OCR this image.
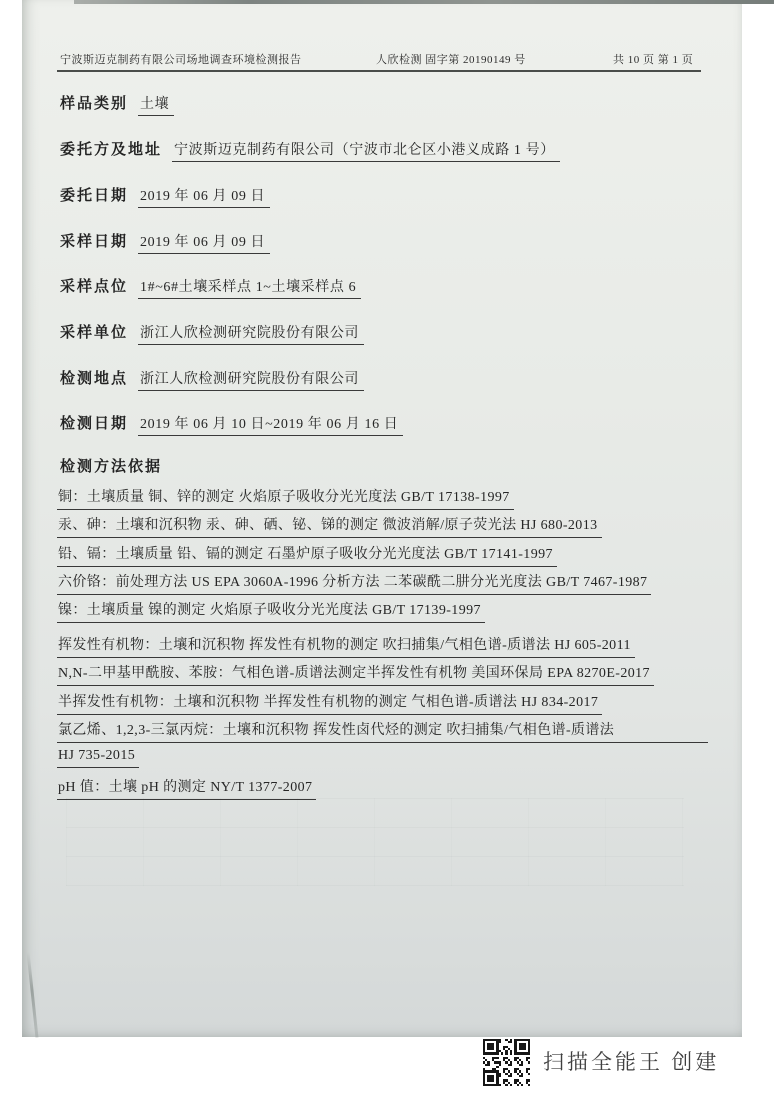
宁波斯迈克制药有限公司场地调查环境检测报告	人欣检测 固字第 20190149 号	共 10 页 第 1 页
样品类别 土壤
委托方及地址 宁波斯迈克制药有限公司（宁波市北仑区小港义成路 1 号）
委托日期 2019 年 06 月 09 日
采样日期 2019 年 06 月 09 日
采样点位 1#~6#土壤采样点 1~土壤采样点 6
采样单位 浙江人欣检测研究院股份有限公司
检测地点 浙江人欣检测研究院股份有限公司
检测日期 2019 年 06 月 10 日~2019 年 06 月 16 日
检测方法依据
铜：土壤质量 铜、锌的测定 火焰原子吸收分光光度法 GB/T 17138-1997
汞、砷：土壤和沉积物 汞、砷、硒、铋、锑的测定 微波消解/原子荧光法 HJ 680-2013
铅、镉：土壤质量 铅、镉的测定 石墨炉原子吸收分光光度法 GB/T 17141-1997
六价铬：前处理方法 US EPA 3060A-1996 分析方法 二苯碳酰二肼分光光度法 GB/T 7467-1987
镍：土壤质量 镍的测定 火焰原子吸收分光光度法 GB/T 17139-1997
挥发性有机物：土壤和沉积物 挥发性有机物的测定 吹扫捕集/气相色谱-质谱法 HJ 605-2011
N,N-二甲基甲酰胺、苯胺：气相色谱-质谱法测定半挥发性有机物 美国环保局 EPA 8270E-2017
半挥发性有机物：土壤和沉积物 半挥发性有机物的测定 气相色谱-质谱法 HJ 834-2017
氯乙烯、1,2,3-三氯丙烷：土壤和沉积物 挥发性卤代烃的测定 吹扫捕集/气相色谱-质谱法
HJ 735-2015
pH 值：土壤 pH 的测定 NY/T 1377-2007
扫描全能王 创建
